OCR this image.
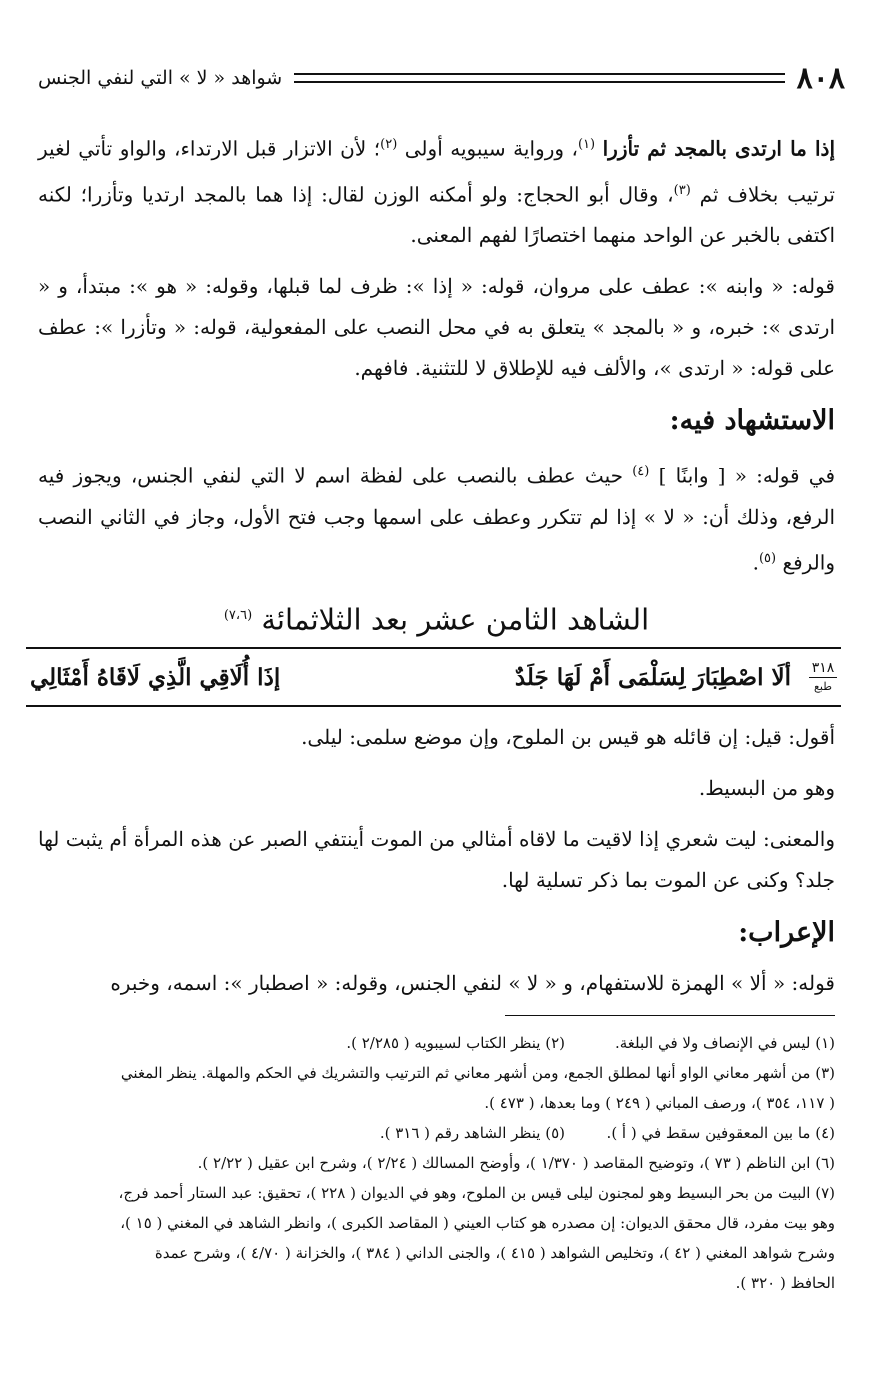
٨٠٨
شواهد « لا » التي لنفي الجنس

إذا ما ارتدى بالمجد ثم تأزرا $^{(١)}$، ورواية سيبويه أولى $^{(٢)}$؛ لأن الاتزار قبل الارتداء، والواو تأتي لغير ترتيب بخلاف ثم $^{(٣)}$، وقال أبو الحجاج: ولو أمكنه الوزن لقال: إذا هما بالمجد ارتديا وتأزرا؛ لكنه اكتفى بالخبر عن الواحد منهما اختصارًا لفهم المعنى.

قوله: « وابنه »: عطف على مروان، قوله: « إذا »: ظرف لما قبلها، وقوله: « هو »: مبتدأ، و « ارتدى »: خبره، و « بالمجد » يتعلق به في محل النصب على المفعولية، قوله: « وتأزرا »: عطف على قوله: « ارتدى »، والألف فيه للإطلاق لا للتثنية. فافهم.

الاستشهاد فيه:

في قوله: « [ وابنًا ] $^{(٤)}$ حيث عطف بالنصب على لفظة اسم لا التي لنفي الجنس، ويجوز فيه الرفع، وذلك أن: « لا » إذا لم تتكرر وعطف على اسمها وجب فتح الأول، وجاز في الثاني النصب والرفع $^{(٥)}$.

الشاهد الثامن عشر بعد الثلاثمائة $^{(٧،٦)}$
٣١٨
طبع
ألَا اصْطِبَارَ لِسَلْمَى أَمْ لَهَا جَلَدٌ
إذَا أُلَاقِي الَّذِي لَاقَاهُ أَمْثَالِي

أقول: قيل: إن قائله هو قيس بن الملوح، وإن موضع سلمى: ليلى.

وهو من البسيط.

والمعنى: ليت شعري إذا لاقيت ما لاقاه أمثالي من الموت أينتفي الصبر عن هذه المرأة أم يثبت لها جلد؟ وكنى عن الموت بما ذكر تسلية لها.

الإعراب:

قوله: « ألا » الهمزة للاستفهام، و « لا » لنفي الجنس، وقوله: « اصطبار »: اسمه، وخبره

(١) ليس في الإنصاف ولا في البلغة.
(٢) ينظر الكتاب لسيبويه ( ٢/٢٨٥ ).

(٣) من أشهر معاني الواو أنها لمطلق الجمع، ومن أشهر معاني ثم الترتيب والتشريك في الحكم والمهلة. ينظر المغني

( ١١٧، ٣٥٤ )، ورصف المباني ( ٢٤٩ ) وما بعدها، ( ٤٧٣ ).

(٤) ما بين المعقوفين سقط في ( أ ).
(٥) ينظر الشاهد رقم ( ٣١٦ ).

(٦) ابن الناظم ( ٧٣ )، وتوضيح المقاصد ( ١/٣٧٠ )، وأوضح المسالك ( ٢/٢٤ )، وشرح ابن عقيل ( ٢/٢٢ ).

(٧) البيت من بحر البسيط وهو لمجنون ليلى قيس بن الملوح، وهو في الديوان ( ٢٢٨ )، تحقيق: عبد الستار أحمد فرج،

وهو بيت مفرد، قال محقق الديوان: إن مصدره هو كتاب العيني ( المقاصد الكبرى )، وانظر الشاهد في المغني ( ١٥ )،

وشرح شواهد المغني ( ٤٢ )، وتخليص الشواهد ( ٤١٥ )، والجنى الداني ( ٣٨٤ )، والخزانة ( ٤/٧٠ )، وشرح عمدة

الحافظ ( ٣٢٠ ).
